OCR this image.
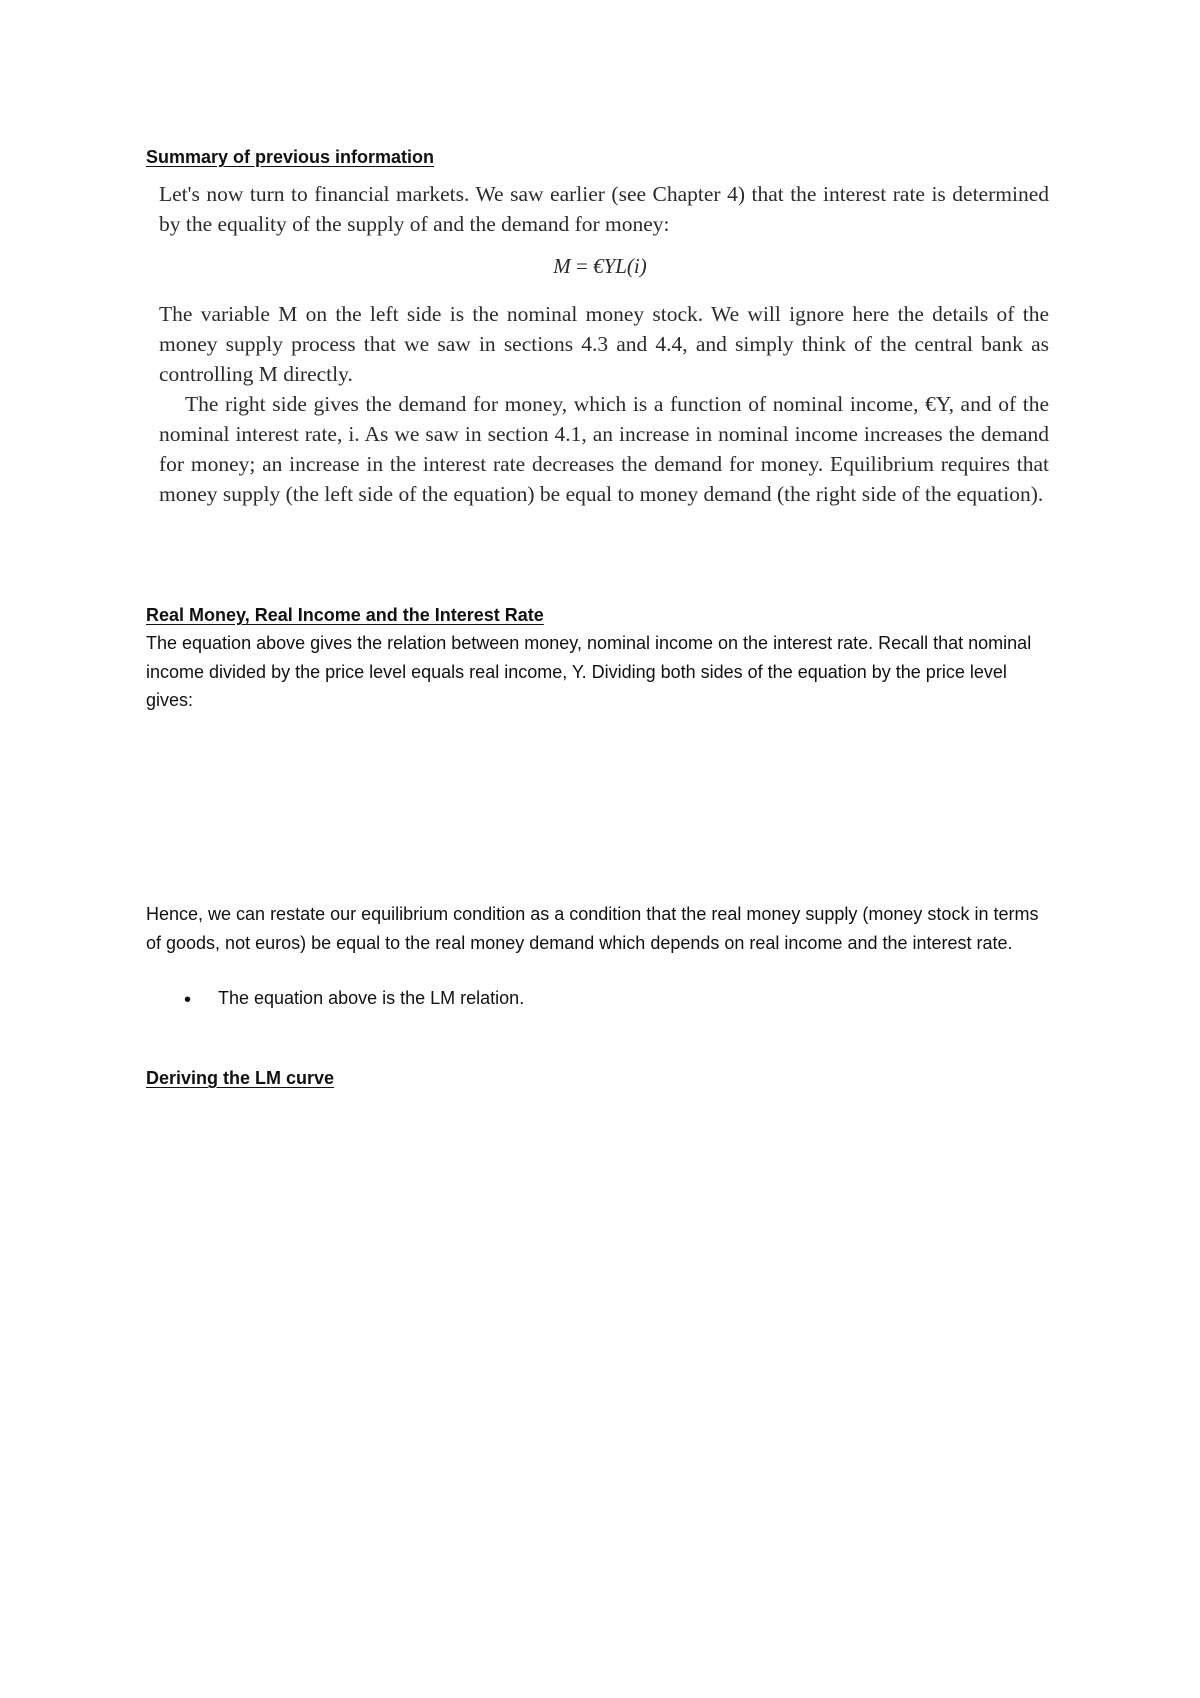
Summary of previous information

Let's now turn to financial markets. We saw earlier (see Chapter 4) that the interest rate is determined by the equality of the supply of and the demand for money:

M = €YL(i)

The variable M on the left side is the nominal money stock. We will ignore here the details of the money supply process that we saw in sections 4.3 and 4.4, and simply think of the central bank as controlling M directly.

The right side gives the demand for money, which is a function of nominal income, €Y, and of the nominal interest rate, i. As we saw in section 4.1, an increase in nominal income increases the demand for money; an increase in the interest rate decreases the demand for money. Equilibrium requires that money supply (the left side of the equation) be equal to money demand (the right side of the equation).

Real Money, Real Income and the Interest Rate

The equation above gives the relation between money, nominal income on the interest rate. Recall that nominal income divided by the price level equals real income, Y. Dividing both sides of the equation by the price level gives:

Hence, we can restate our equilibrium condition as a condition that the real money supply (money stock in terms of goods, not euros) be equal to the real money demand which depends on real income and the interest rate.

• The equation above is the LM relation.
Deriving the LM curve
